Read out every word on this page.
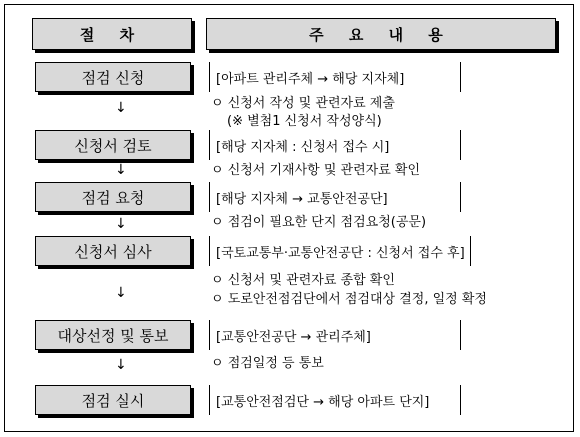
절 차	주 요 내 용
점검 신청	[아파트 관리주체 → 해당 지자체]
ㅇ 신청서 작성 및 관련자료 제출
(※ 별첨1 신청서 작성양식)
↓
신청서 검토	[해당 지자체 : 신청서 접수 시]
ㅇ 신청서 기재사항 및 관련자료 확인
↓
점검 요청	[해당 지자체 → 교통안전공단]
ㅇ 점검이 필요한 단지 점검요청(공문)
↓
신청서 심사	[국토교통부·교통안전공단 : 신청서 접수 후]
ㅇ 신청서 및 관련자료 종합 확인
ㅇ 도로안전점검단에서 점검대상 결정, 일정 확정
↓
대상선정 및 통보	[교통안전공단 → 관리주체]
ㅇ 점검일정 등 통보
↓
점검 실시	[교통안전점검단 → 해당 아파트 단지]
